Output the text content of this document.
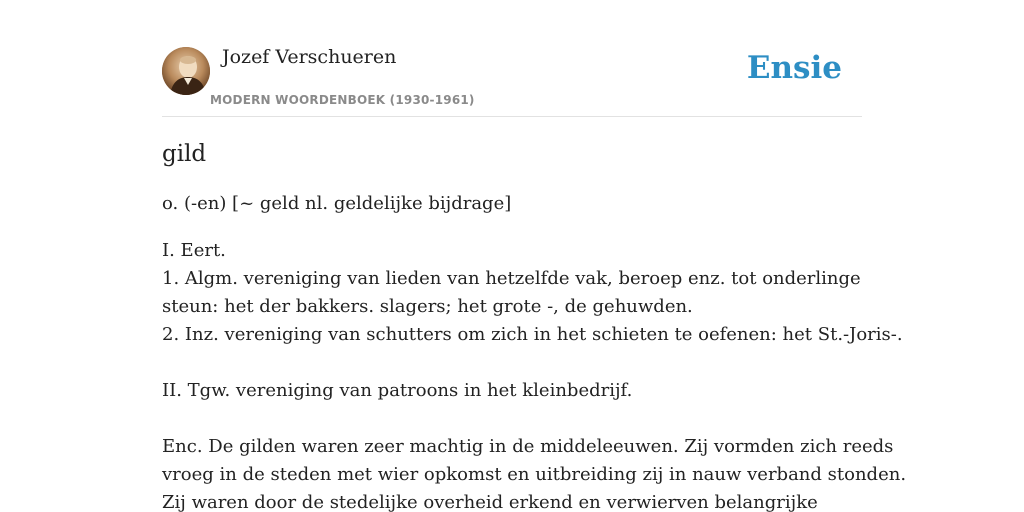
Jozef Verschueren
MODERN WOORDENBOEK (1930-1961)
Ensie
gild
o. (-en) [~ geld nl. geldelijke bijdrage]
I. Eert.
1. Algm. vereniging van lieden van hetzelfde vak, beroep enz. tot onderlinge
steun: het der bakkers. slagers; het grote -, de gehuwden.
2. Inz. vereniging van schutters om zich in het schieten te oefenen: het St.-Joris-.
II. Tgw. vereniging van patroons in het kleinbedrijf.
Enc. De gilden waren zeer machtig in de middeleeuwen. Zij vormden zich reeds
vroeg in de steden met wier opkomst en uitbreiding zij in nauw verband stonden.
Zij waren door de stedelijke overheid erkend en verwierven belangrijke
